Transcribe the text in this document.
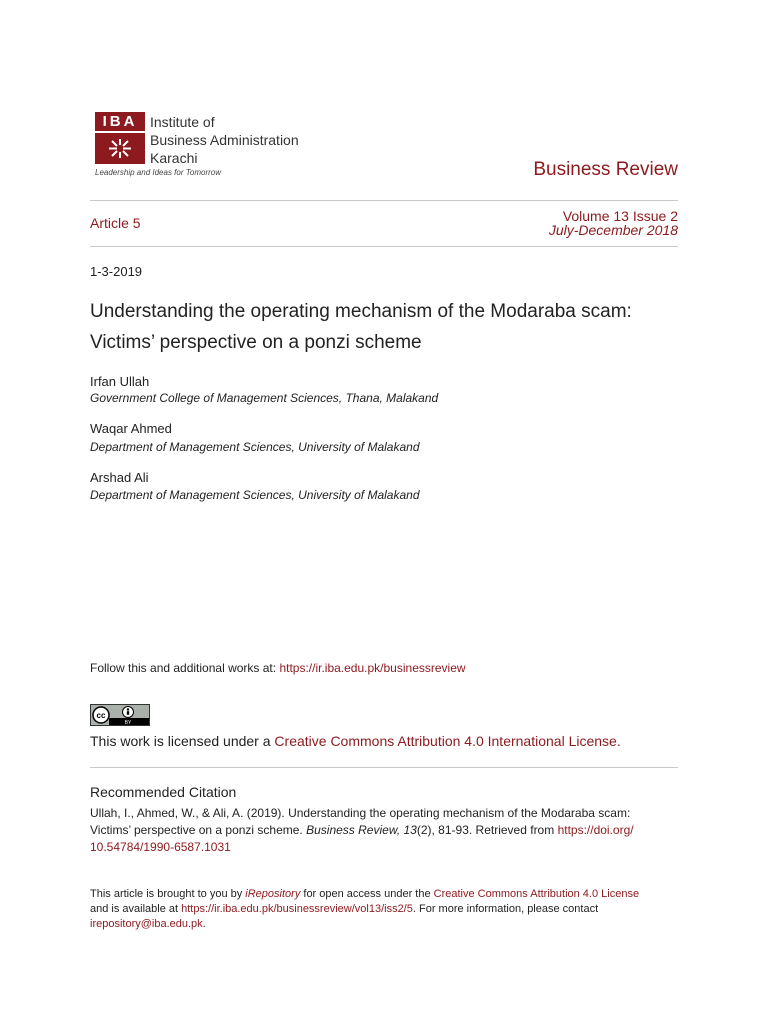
IBA Institute of
Business Administration
Karachi
Leadership and Ideas for Tomorrow	Business Review
Article 5	Volume 13 Issue 2
July-December 2018
1-3-2019
Understanding the operating mechanism of the Modaraba scam:
Victims’ perspective on a ponzi scheme
Irfan Ullah
Government College of Management Sciences, Thana, Malakand
Waqar Ahmed
Department of Management Sciences, University of Malakand
Arshad Ali
Department of Management Sciences, University of Malakand
Follow this and additional works at: https://ir.iba.edu.pk/businessreview
cc
BY
This work is licensed under a Creative Commons Attribution 4.0 International License.
Recommended Citation
Ullah, I., Ahmed, W., & Ali, A. (2019). Understanding the operating mechanism of the Modaraba scam:
Victims’ perspective on a ponzi scheme. Business Review, 13(2), 81-93. Retrieved from https://doi.org/
10.54784/1990-6587.1031
This article is brought to you by iRepository for open access under the Creative Commons Attribution 4.0 License
and is available at https://ir.iba.edu.pk/businessreview/vol13/iss2/5. For more information, please contact
irepository@iba.edu.pk.
